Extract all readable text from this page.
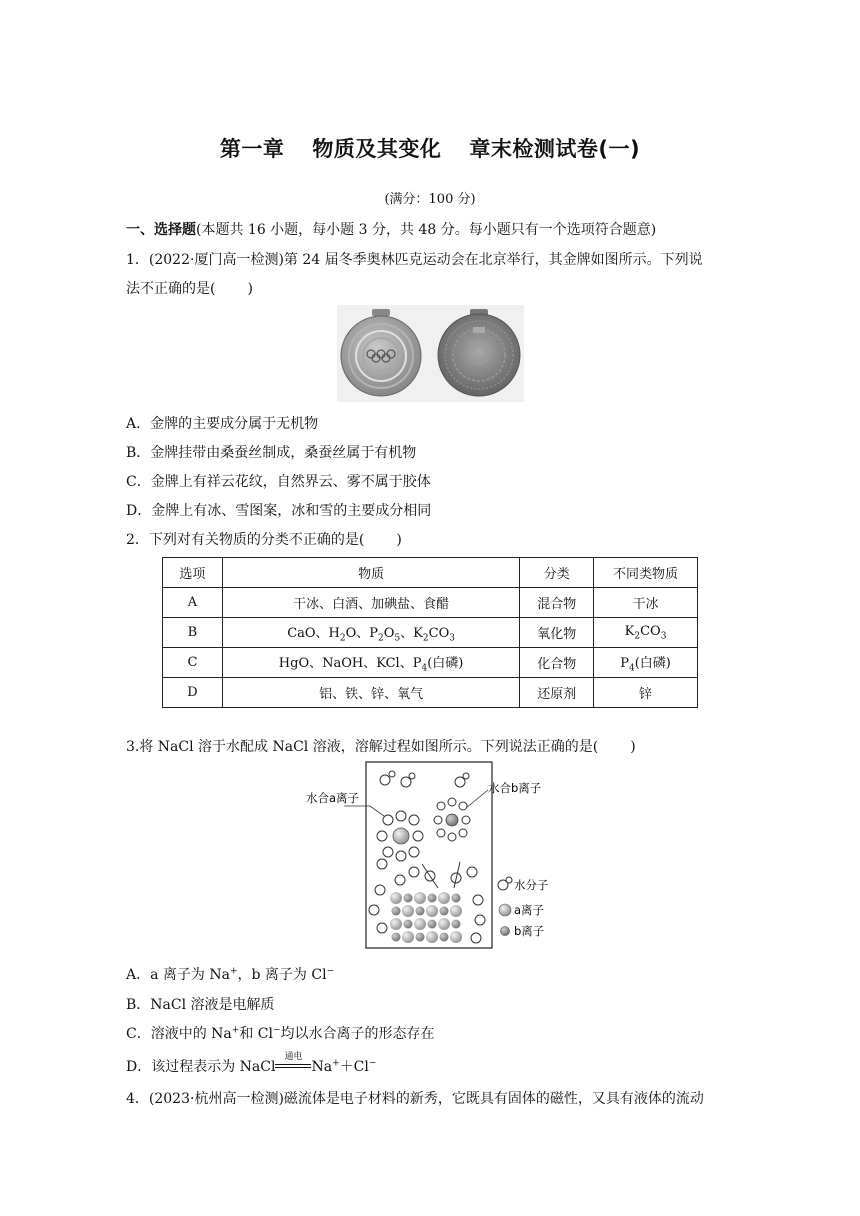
第一章 物质及其变化 章末检测试卷(一)
(满分：100 分)
一、选择题(本题共 16 小题，每小题 3 分，共 48 分。每小题只有一个选项符合题意)
1．(2022·厦门高一检测)第 24 届冬季奥林匹克运动会在北京举行，其金牌如图所示。下列说
法不正确的是( )
A．金牌的主要成分属于无机物
B．金牌挂带由桑蚕丝制成，桑蚕丝属于有机物
C．金牌上有祥云花纹，自然界云、雾不属于胶体
D．金牌上有冰、雪图案，冰和雪的主要成分相同
2．下列对有关物质的分类不正确的是( )
选项	物质	分类	不同类物质
A	干冰、白酒、加碘盐、食醋	混合物	干冰
B	CaO、$H_2O$、$P_2O_5$、$K_2CO_3$	氧化物	$K_2CO_3$
C	HgO、NaOH、KCl、$P_4$(白磷)	化合物	$P_4$(白磷)
D	铝、铁、锌、氧气	还原剂	锌
3.将 NaCl 溶于水配成 NaCl 溶液，溶解过程如图所示。下列说法正确的是( )
水合a离子
水合b离子
水分子
a离子
b离子
A．a 离子为 Na+，b 离子为 Cl−
B．NaCl 溶液是电解质
C．溶液中的 Na+和 Cl−均以水合离子的形态存在
D．该过程表示为 NaCl
通电
Na+＋Cl−
4．(2023·杭州高一检测)磁流体是电子材料的新秀，它既具有固体的磁性，又具有液体的流动
